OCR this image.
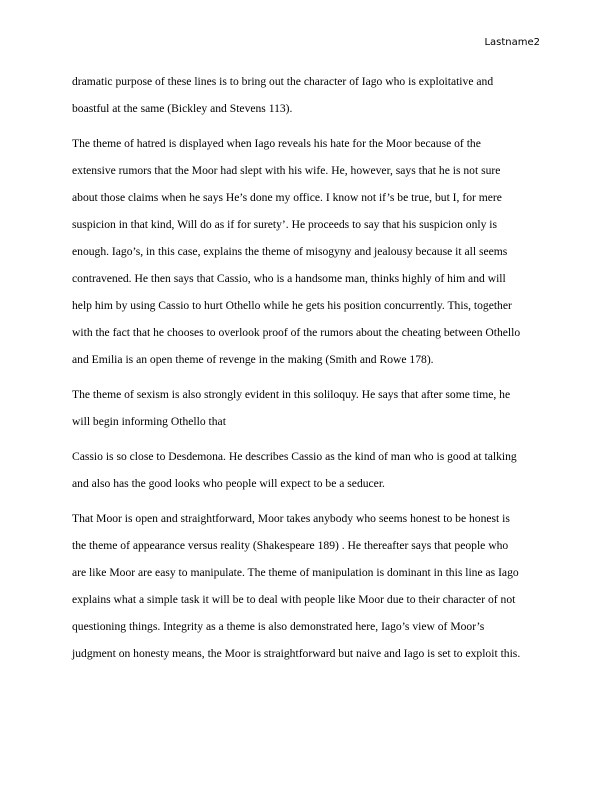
Lastname2

dramatic purpose of these lines is to bring out the character of Iago who is exploitative and
boastful at the same (Bickley and Stevens 113).

The theme of hatred is displayed when Iago reveals his hate for the Moor because of the
extensive rumors that the Moor had slept with his wife. He, however, says that he is not sure
about those claims when he says He’s done my office. I know not if’s be true, but I, for mere
suspicion in that kind, Will do as if for surety’. He proceeds to say that his suspicion only is
enough. Iago’s, in this case, explains the theme of misogyny and jealousy because it all seems
contravened. He then says that Cassio, who is a handsome man, thinks highly of him and will
help him by using Cassio to hurt Othello while he gets his position concurrently. This, together
with the fact that he chooses to overlook proof of the rumors about the cheating between Othello
and Emilia is an open theme of revenge in the making (Smith and Rowe 178).

The theme of sexism is also strongly evident in this soliloquy. He says that after some time, he
will begin informing Othello that

Cassio is so close to Desdemona. He describes Cassio as the kind of man who is good at talking
and also has the good looks who people will expect to be a seducer.

That Moor is open and straightforward, Moor takes anybody who seems honest to be honest is
the theme of appearance versus reality (Shakespeare 189) . He thereafter says that people who
are like Moor are easy to manipulate. The theme of manipulation is dominant in this line as Iago
explains what a simple task it will be to deal with people like Moor due to their character of not
questioning things. Integrity as a theme is also demonstrated here, Iago’s view of Moor’s
judgment on honesty means, the Moor is straightforward but naive and Iago is set to exploit this.
